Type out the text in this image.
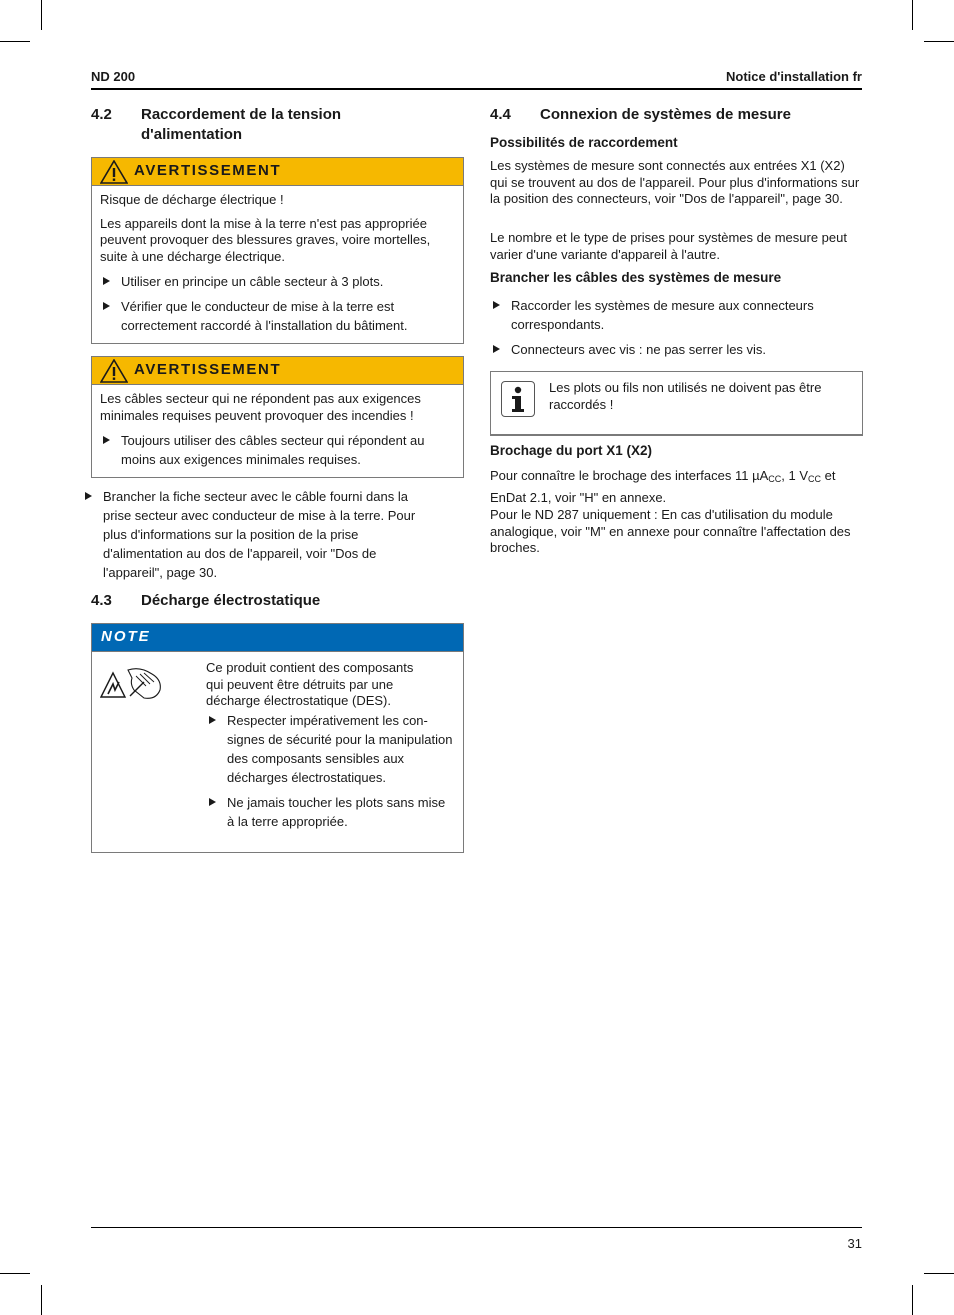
ND 200	Notice d'installation fr
4.2 Raccordement de la tension d'alimentation
AVERTISSEMENT

Risque de décharge électrique !

Les appareils dont la mise à la terre n'est pas appropriée peuvent provoquer des blessures graves, voire mortelles, suite à une décharge électrique.

Utiliser en principe un câble secteur à 3 plots.
Vérifier que le conducteur de mise à la terre est correctement raccordé à l'installation du bâtiment.
AVERTISSEMENT

Les câbles secteur qui ne répondent pas aux exigences minimales requises peuvent provoquer des incendies !

Toujours utiliser des câbles secteur qui répondent au moins aux exigences minimales requises.
Brancher la fiche secteur avec le câble fourni dans la prise secteur avec conducteur de mise à la terre. Pour plus d'informations sur la position de la prise d'alimentation au dos de l'appareil, voir "Dos de l'appareil", page 30.
4.3 Décharge électrostatique
NOTE

Ce produit contient des composants qui peuvent être détruits par une décharge électrostatique (DES).

Respecter impérativement les consignes de sécurité pour la manipulation des composants sensibles aux décharges électrostatiques.
Ne jamais toucher les plots sans mise à la terre appropriée.
4.4 Connexion de systèmes de mesure
Possibilités de raccordement
Les systèmes de mesure sont connectés aux entrées X1 (X2) qui se trouvent au dos de l'appareil. Pour plus d'informations sur la position des connecteurs, voir "Dos de l'appareil", page 30.
Le nombre et le type de prises pour systèmes de mesure peut varier d'une variante d'appareil à l'autre.
Brancher les câbles des systèmes de mesure
Raccorder les systèmes de mesure aux connecteurs correspondants.
Connecteurs avec vis : ne pas serrer les vis.
Les plots ou fils non utilisés ne doivent pas être raccordés !
Brochage du port X1 (X2)
Pour connaître le brochage des interfaces 11 µA$_{CC}$, 1 $V_{CC}$ et EnDat 2.1, voir "H" en annexe.
Pour le ND 287 uniquement : En cas d'utilisation du module analogique, voir "M" en annexe pour connaître l'affectation des broches.
31
